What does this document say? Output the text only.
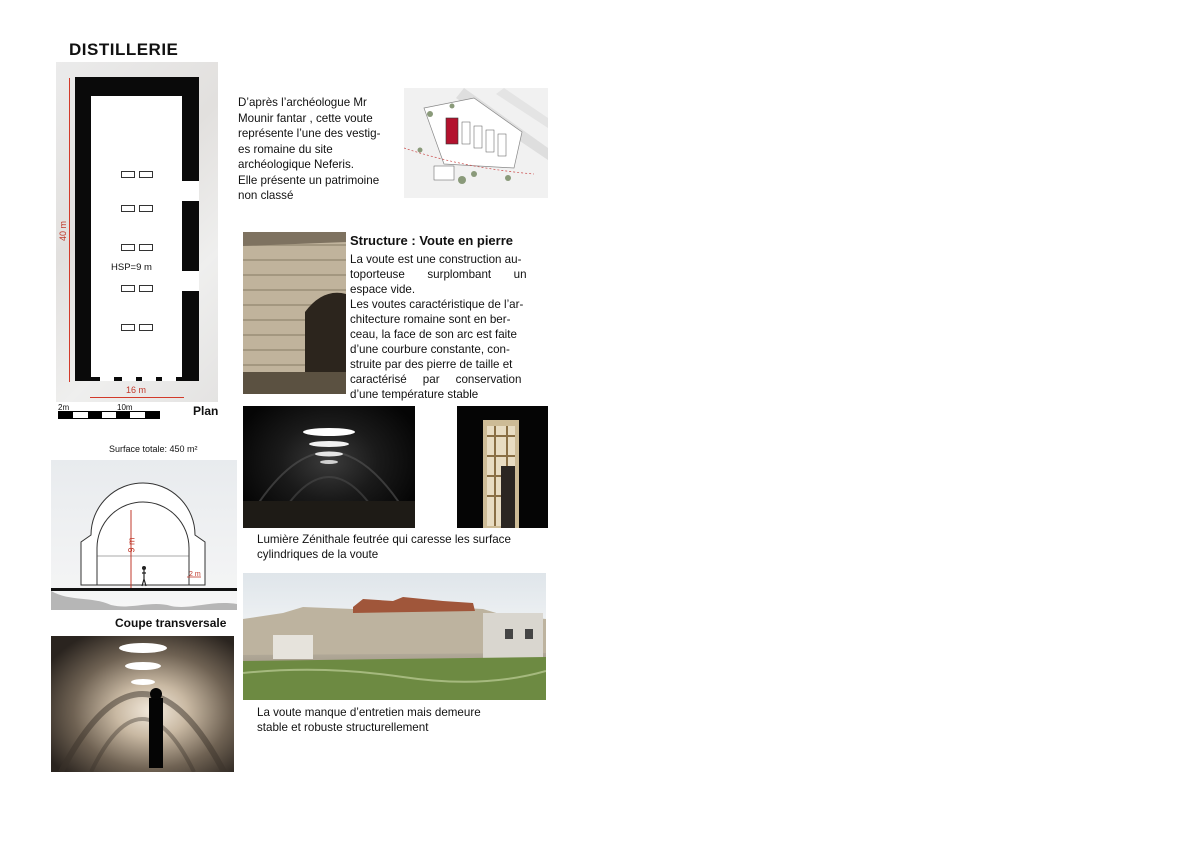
DISTILLERIE
HSP=9 m
40 m
16 m
2m	10m	Plan
Surface totale: 450 m²
9 m
2 m
Coupe transversale
D’après l’archéologue Mr
Mounir fantar , cette voute
représente l’une des vestig-
es romaine du site
archéologique Neferis.
Elle présente un patrimoine
non classé
Structure : Voute en pierre
La voute est une construction au-
toporteuse       surplombant       un
espace vide.
Les voutes caractéristique de l’ar-
chitecture romaine sont en ber-
ceau, la face de son arc est faite
d’une courbure constante, con-
struite par des pierre de taille et
caractérisé     par     conservation
d’une température stable
Lumière Zénithale feutrée qui caresse les surface
cylindriques de la voute
La voute manque d’entretien mais demeure
stable et robuste structurellement
